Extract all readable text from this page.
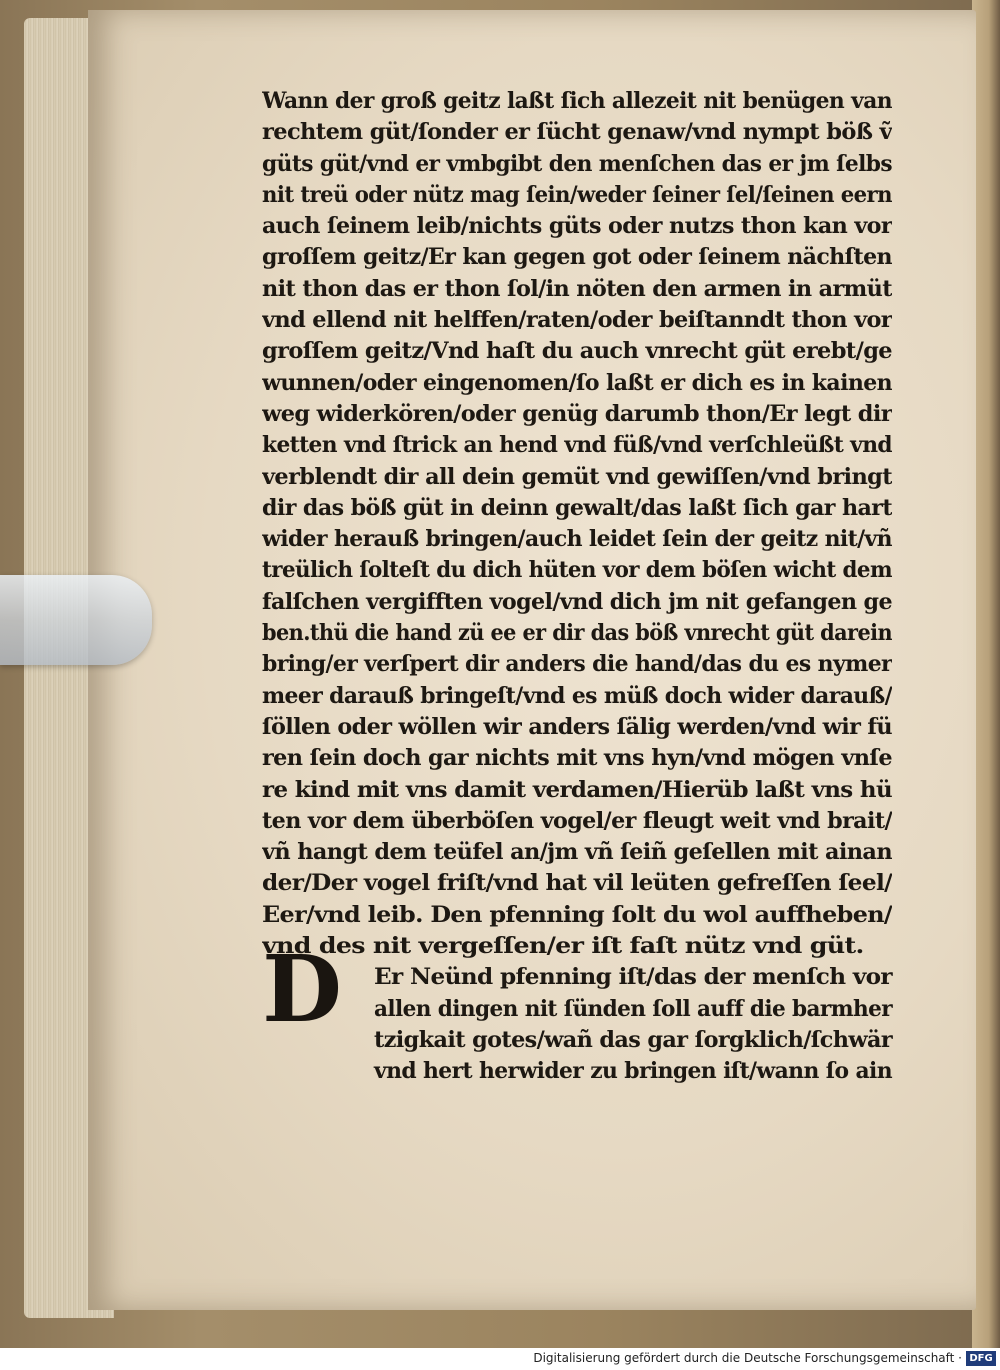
Wann der groß geitz laßt ſich allezeit nit benügen van
rechtem güt/ſonder er ſücht genaw/vnd nympt böß ṽ
güts güt/vnd er vmbgibt den menſchen das er jm ſelbs
nit treü oder nütz mag ſein/weder ſeiner ſel/ſeinen eern
auch ſeinem leib/nichts güts oder nutzs thon kan vor
groſſem geitz/Er kan gegen got oder ſeinem nächſten
nit thon das er thon ſol/in nöten den armen in armüt
vnd ellend nit helffen/raten/oder beiſtanndt thon vor
groſſem geitz/Vnd haſt du auch vnrecht güt erebt/ge
wunnen/oder eingenomen/ſo laßt er dich es in kainen
weg widerkören/oder genüg darumb thon/Er legt dir
ketten vnd ſtrick an hend vnd füß/vnd verſchleüßt vnd
verblendt dir all dein gemüt vnd gewiſſen/vnd bringt
dir das böß güt in deinn gewalt/das laßt ſich gar hart
wider herauß bringen/auch leidet ſein der geitz nit/vñ
treülich ſolteſt du dich hüten vor dem böſen wicht dem
falſchen vergifften vogel/vnd dich jm nit gefangen ge
ben.thü die hand zü ee er dir das böß vnrecht güt darein
bring/er verſpert dir anders die hand/das du es nymer
meer darauß bringeſt/vnd es müß doch wider darauß/
ſöllen oder wöllen wir anders ſälig werden/vnd wir fü
ren ſein doch gar nichts mit vns hyn/vnd mögen vnſe
re kind mit vns damit verdamen/Hierüb laßt vns hü
ten vor dem überböſen vogel/er fleugt weit vnd brait/
vñ hangt dem teüfel an/jm vñ ſeiñ geſellen mit ainan
der/Der vogel friſt/vnd hat vil leüten gefreſſen ſeel/
Eer/vnd leib. Den pfenning ſolt du wol auffheben/
vnd des nit vergeſſen/er iſt faſt nütz vnd güt.
Er Neünd pfenning iſt/das der menſch vor
allen dingen nit ſünden ſoll auff die barmher
tzigkait gotes/wañ das gar ſorgklich/ſchwär
vnd hert herwider zu bringen iſt/wann ſo ain
D
Digitalisierung gefördert durch die Deutsche Forschungsgemeinschaft · DFG
